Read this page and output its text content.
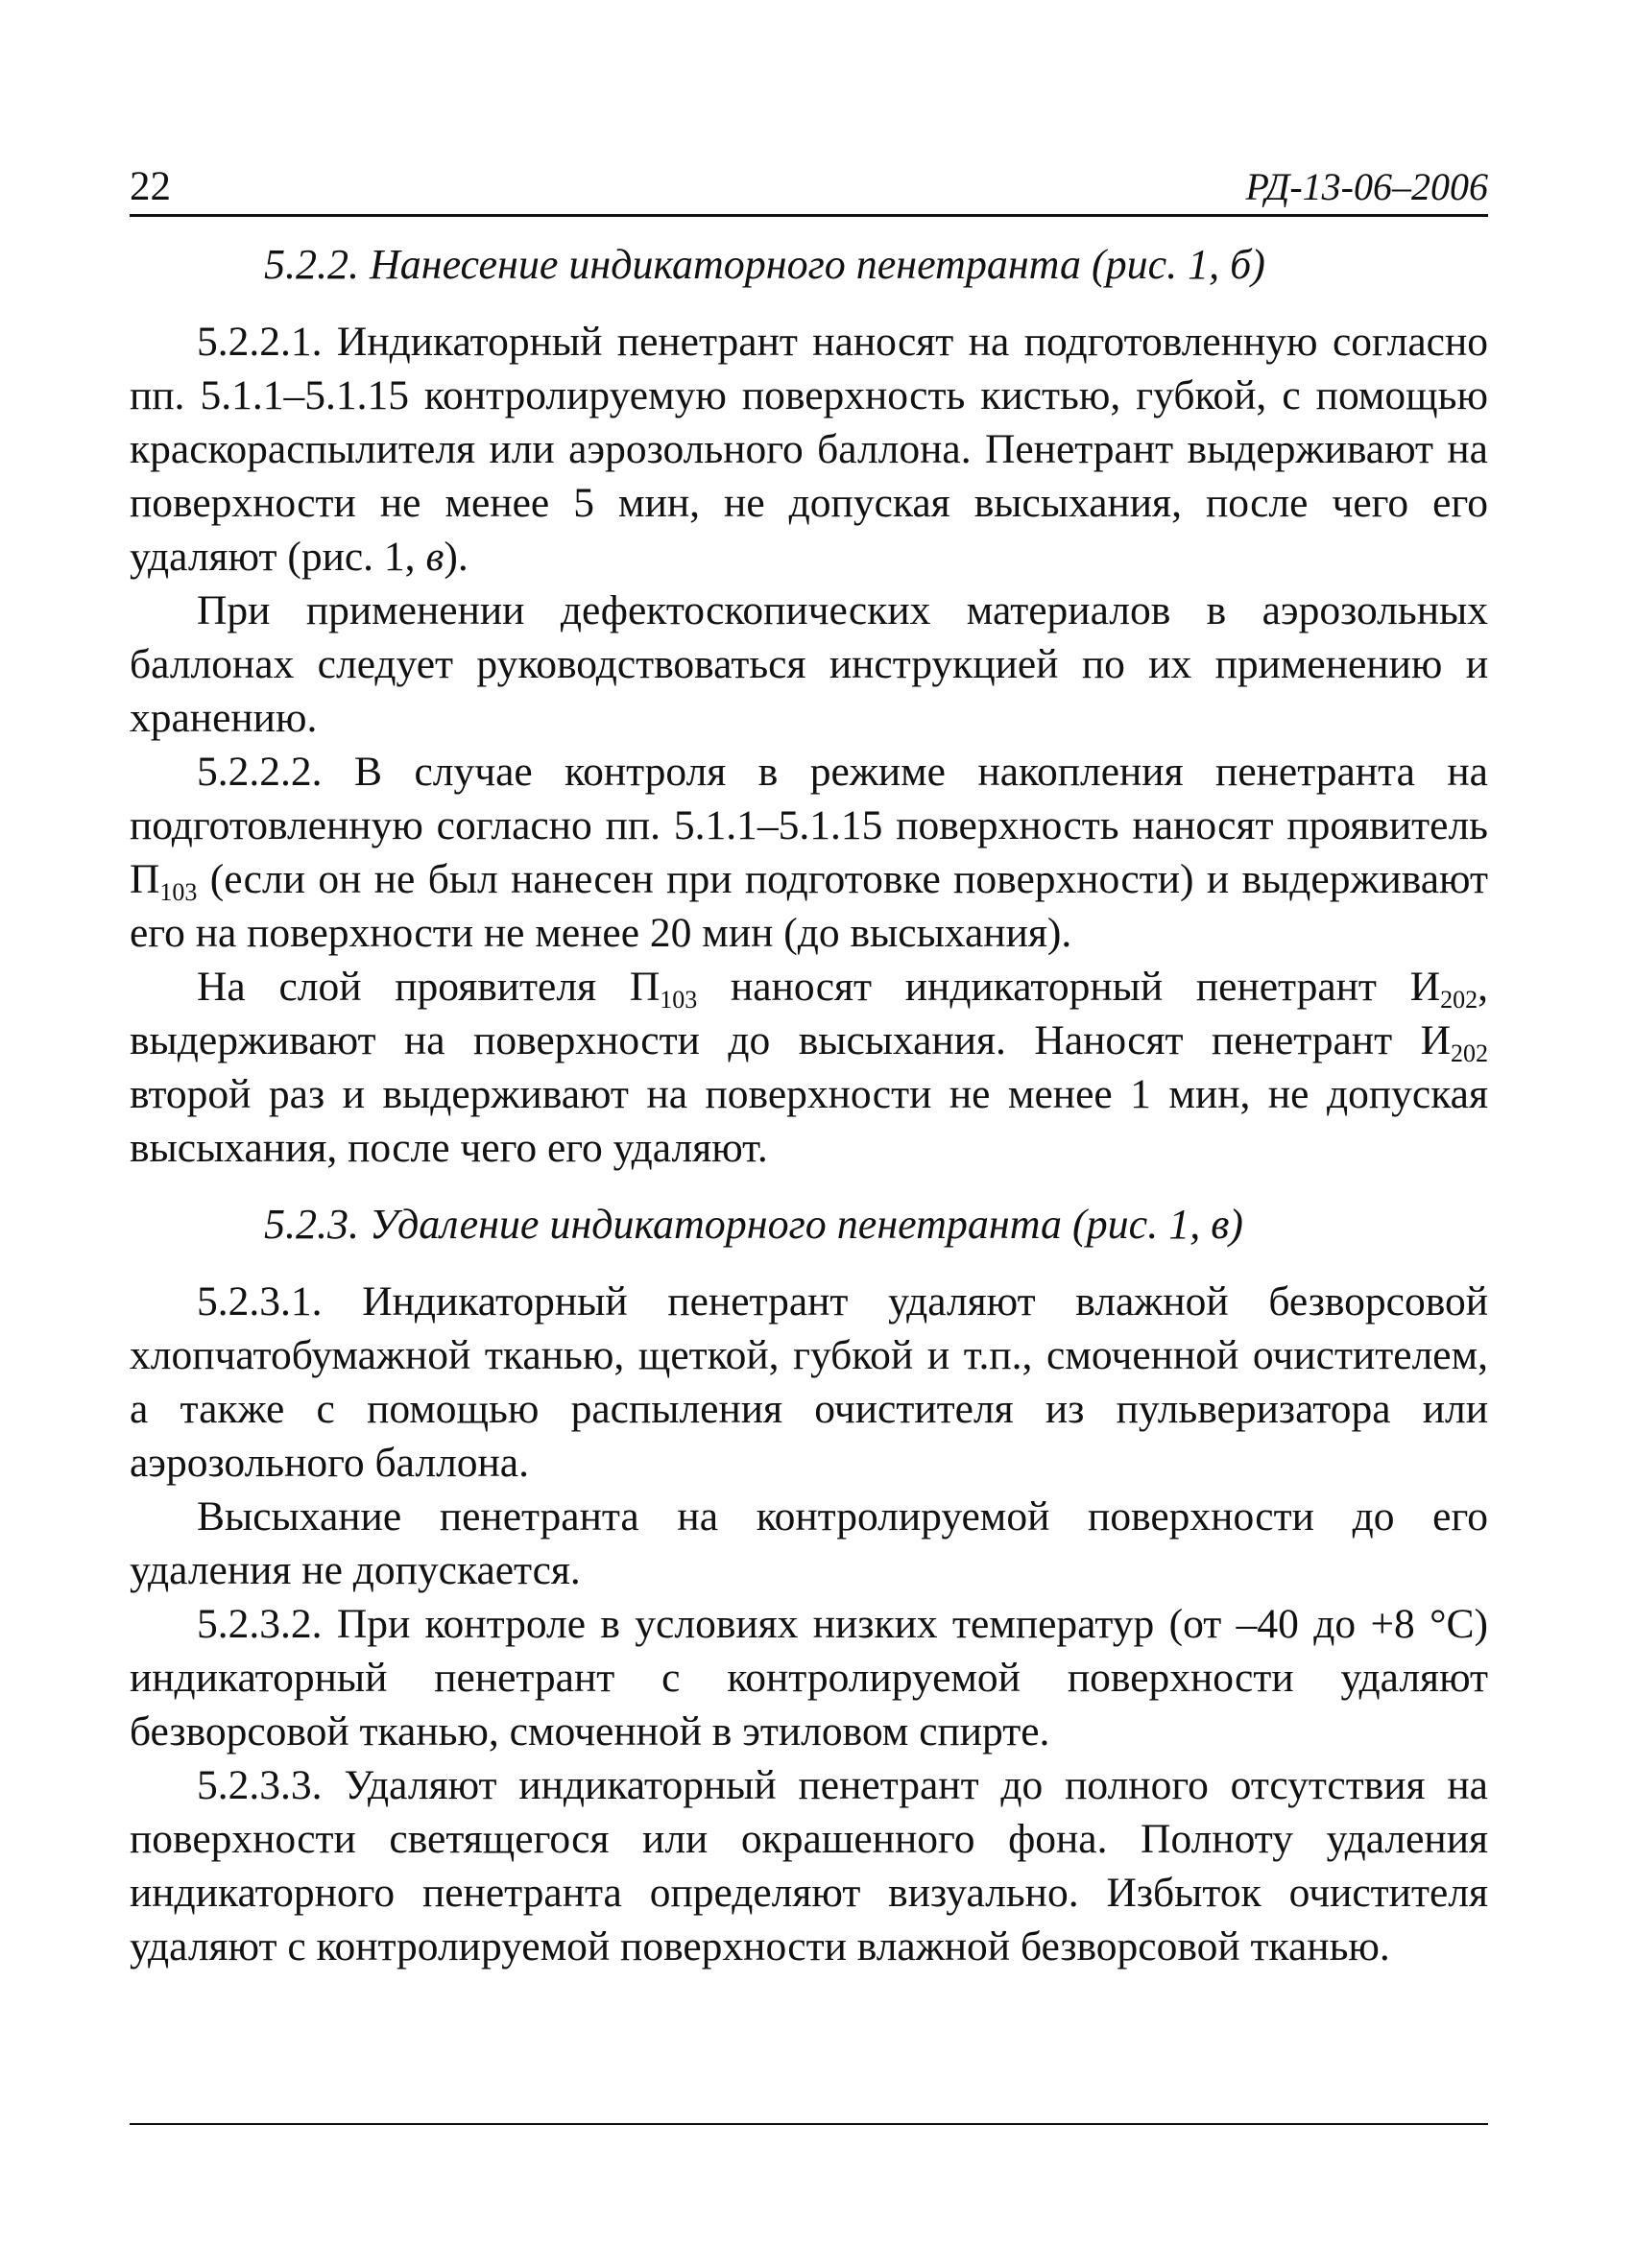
22	РД-13-06–2006
5.2.2. Нанесение индикаторного пенетранта (рис. 1, б)

5.2.2.1. Индикаторный пенетрант наносят на подготовленную согласно пп. 5.1.1–5.1.15 контролируемую поверхность кистью, губкой, с помощью краскораспылителя или аэрозольного баллона. Пенетрант выдерживают на поверхности не менее 5 мин, не допуская высыхания, после чего его удаляют (рис. 1, в).

При применении дефектоскопических материалов в аэрозольных баллонах следует руководствоваться инструкцией по их применению и хранению.

5.2.2.2. В случае контроля в режиме накопления пенетранта на подготовленную согласно пп. 5.1.1–5.1.15 поверхность наносят проявитель $П_{103}$ (если он не был нанесен при подготовке поверхности) и выдерживают его на поверхности не менее 20 мин (до высыхания).

На слой проявителя $П_{103}$ наносят индикаторный пенетрант $И_{202}$, выдерживают на поверхности до высыхания. Наносят пенетрант $И_{202}$ второй раз и выдерживают на поверхности не менее 1 мин, не допуская высыхания, после чего его удаляют.

5.2.3. Удаление индикаторного пенетранта (рис. 1, в)

5.2.3.1. Индикаторный пенетрант удаляют влажной безворсовой хлопчатобумажной тканью, щеткой, губкой и т.п., смоченной очистителем, а также с помощью распыления очистителя из пульверизатора или аэрозольного баллона.

Высыхание пенетранта на контролируемой поверхности до его удаления не допускается.

5.2.3.2. При контроле в условиях низких температур (от –40 до +8 °С) индикаторный пенетрант с контролируемой поверхности удаляют безворсовой тканью, смоченной в этиловом спирте.

5.2.3.3. Удаляют индикаторный пенетрант до полного отсутствия на поверхности светящегося или окрашенного фона. Полноту удаления индикаторного пенетранта определяют визуально. Избыток очистителя удаляют с контролируемой поверхности влажной безворсовой тканью.
